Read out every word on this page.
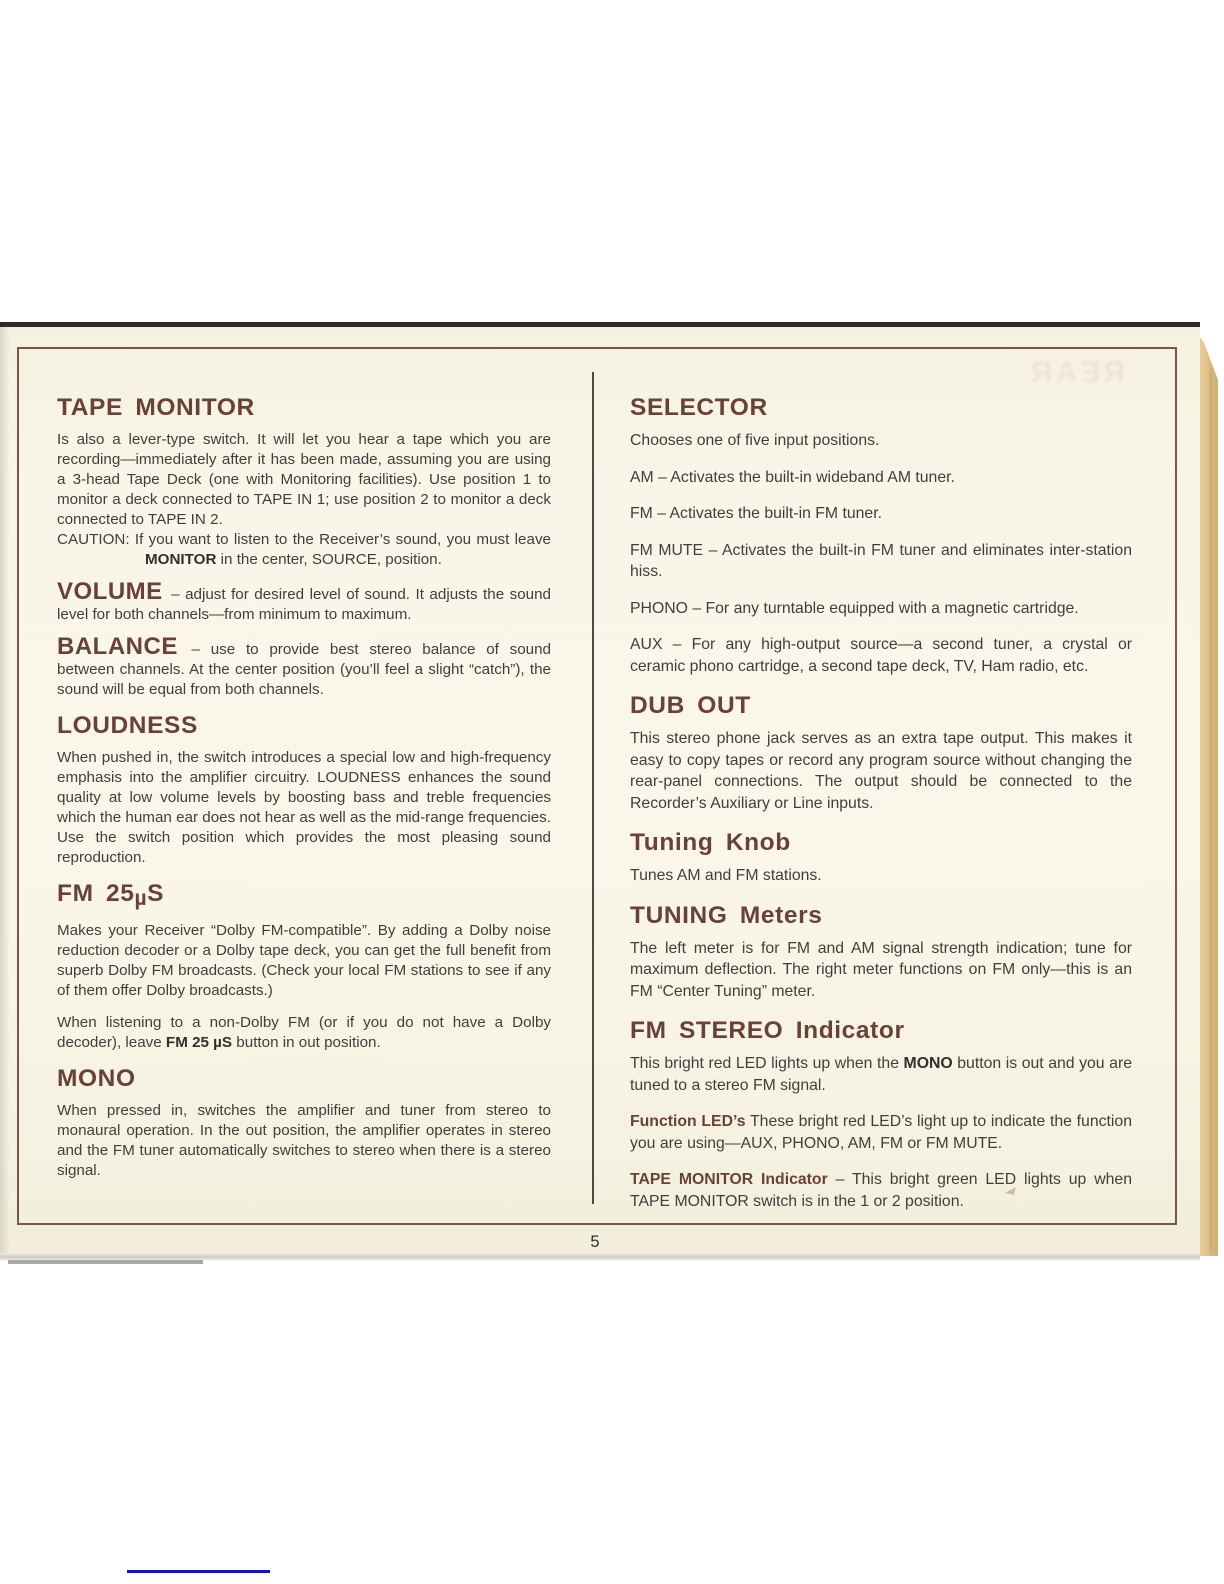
REAR
TAPE MONITOR

Is also a lever-type switch. It will let you hear a tape which you are recording—immediately after it has been made, assuming you are using a 3-head Tape Deck (one with Monitoring facilities). Use position 1 to monitor a deck connected to TAPE IN 1; use position 2 to monitor a deck connected to TAPE IN 2.

CAUTION: If you want to listen to the Receiver’s sound, you must leave MONITOR in the center, SOURCE, position.

VOLUME – adjust for desired level of sound. It adjusts the sound level for both channels—from minimum to maximum.

BALANCE – use to provide best stereo balance of sound between channels. At the center position (you’ll feel a slight “catch”), the sound will be equal from both channels.

LOUDNESS

When pushed in, the switch introduces a special low and high-frequency emphasis into the amplifier circuitry. LOUDNESS enhances the sound quality at low volume levels by boosting bass and treble frequencies which the human ear does not hear as well as the mid-range frequencies. Use the switch position which provides the most pleasing sound reproduction.

FM $25_\mu S$

Makes your Receiver “Dolby FM-compatible”. By adding a Dolby noise reduction decoder or a Dolby tape deck, you can get the full benefit from superb Dolby FM broadcasts. (Check your local FM stations to see if any of them offer Dolby broadcasts.)

When listening to a non-Dolby FM (or if you do not have a Dolby decoder), leave FM 25 µS button in out position.

MONO

When pressed in, switches the amplifier and tuner from stereo to monaural operation. In the out position, the amplifier operates in stereo and the FM tuner automatically switches to stereo when there is a stereo signal.

SELECTOR

Chooses one of five input positions.

AM – Activates the built-in wideband AM tuner.

FM – Activates the built-in FM tuner.

FM MUTE – Activates the built-in FM tuner and eliminates inter-station hiss.

PHONO – For any turntable equipped with a magnetic cartridge.

AUX – For any high-output source—a second tuner, a crystal or ceramic phono cartridge, a second tape deck, TV, Ham radio, etc.

DUB OUT

This stereo phone jack serves as an extra tape output. This makes it easy to copy tapes or record any program source without changing the rear-panel connections. The output should be connected to the Recorder’s Auxiliary or Line inputs.

Tuning Knob

Tunes AM and FM stations.

TUNING Meters

The left meter is for FM and AM signal strength indication; tune for maximum deflection. The right meter functions on FM only—this is an FM “Center Tuning” meter.

FM STEREO Indicator

This bright red LED lights up when the MONO button is out and you are tuned to a stereo FM signal.

Function LED’s These bright red LED’s light up to indicate the function you are using—AUX, PHONO, AM, FM or FM MUTE.

TAPE MONITOR Indicator – This bright green LED lights up when TAPE MONITOR switch is in the 1 or 2 position.

5
